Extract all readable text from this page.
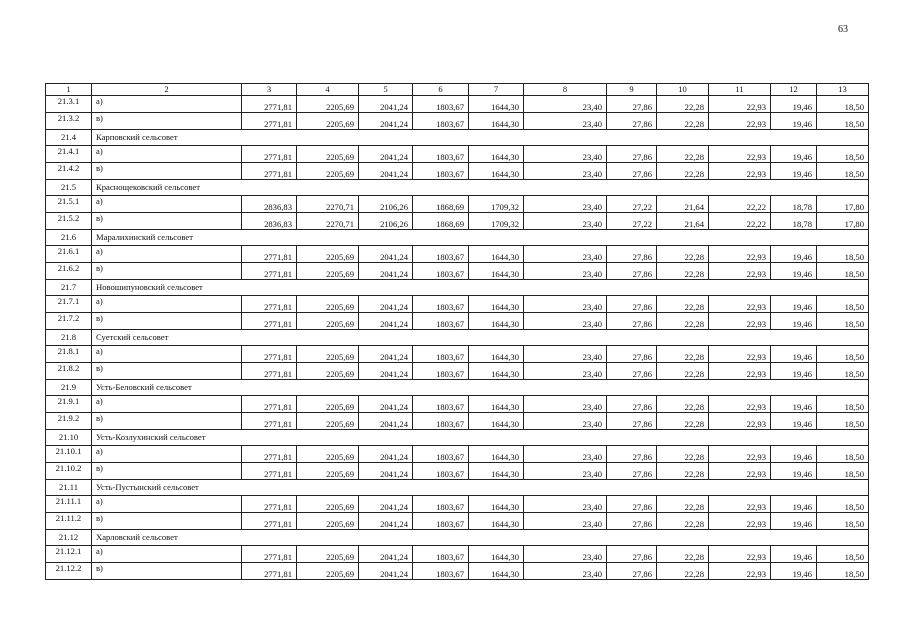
63
1	2	3	4	5	6	7	8	9	10	11	12	13
21.3.1	а)	2771,81	2205,69	2041,24	1803,67	1644,30	23,40	27,86	22,28	22,93	19,46	18,50
21.3.2	в)	2771,81	2205,69	2041,24	1803,67	1644,30	23,40	27,86	22,28	22,93	19,46	18,50
21.4	Карповский сельсовет											
21.4.1	а)	2771,81	2205,69	2041,24	1803,67	1644,30	23,40	27,86	22,28	22,93	19,46	18,50
21.4.2	в)	2771,81	2205,69	2041,24	1803,67	1644,30	23,40	27,86	22,28	22,93	19,46	18,50
21.5	Краснощековский сельсовет											
21.5.1	а)	2836,83	2270,71	2106,26	1868,69	1709,32	23,40	27,22	21,64	22,22	18,78	17,80
21.5.2	в)	2836,83	2270,71	2106,26	1868,69	1709,32	23,40	27,22	21,64	22,22	18,78	17,80
21.6	Маралихинский сельсовет											
21.6.1	а)	2771,81	2205,69	2041,24	1803,67	1644,30	23,40	27,86	22,28	22,93	19,46	18,50
21.6.2	в)	2771,81	2205,69	2041,24	1803,67	1644,30	23,40	27,86	22,28	22,93	19,46	18,50
21.7	Новошипуновский сельсовет											
21.7.1	а)	2771,81	2205,69	2041,24	1803,67	1644,30	23,40	27,86	22,28	22,93	19,46	18,50
21.7.2	в)	2771,81	2205,69	2041,24	1803,67	1644,30	23,40	27,86	22,28	22,93	19,46	18,50
21.8	Суетский сельсовет											
21.8.1	а)	2771,81	2205,69	2041,24	1803,67	1644,30	23,40	27,86	22,28	22,93	19,46	18,50
21.8.2	в)	2771,81	2205,69	2041,24	1803,67	1644,30	23,40	27,86	22,28	22,93	19,46	18,50
21.9	Усть-Беловский сельсовет											
21.9.1	а)	2771,81	2205,69	2041,24	1803,67	1644,30	23,40	27,86	22,28	22,93	19,46	18,50
21.9.2	в)	2771,81	2205,69	2041,24	1803,67	1644,30	23,40	27,86	22,28	22,93	19,46	18,50
21.10	Усть-Козлухинский сельсовет											
21.10.1	а)	2771,81	2205,69	2041,24	1803,67	1644,30	23,40	27,86	22,28	22,93	19,46	18,50
21.10.2	в)	2771,81	2205,69	2041,24	1803,67	1644,30	23,40	27,86	22,28	22,93	19,46	18,50
21.11	Усть-Пустынский сельсовет											
21.11.1	а)	2771,81	2205,69	2041,24	1803,67	1644,30	23,40	27,86	22,28	22,93	19,46	18,50
21.11.2	в)	2771,81	2205,69	2041,24	1803,67	1644,30	23,40	27,86	22,28	22,93	19,46	18,50
21.12	Харловский сельсовет											
21.12.1	а)	2771,81	2205,69	2041,24	1803,67	1644,30	23,40	27,86	22,28	22,93	19,46	18,50
21.12.2	в)	2771,81	2205,69	2041,24	1803,67	1644,30	23,40	27,86	22,28	22,93	19,46	18,50
